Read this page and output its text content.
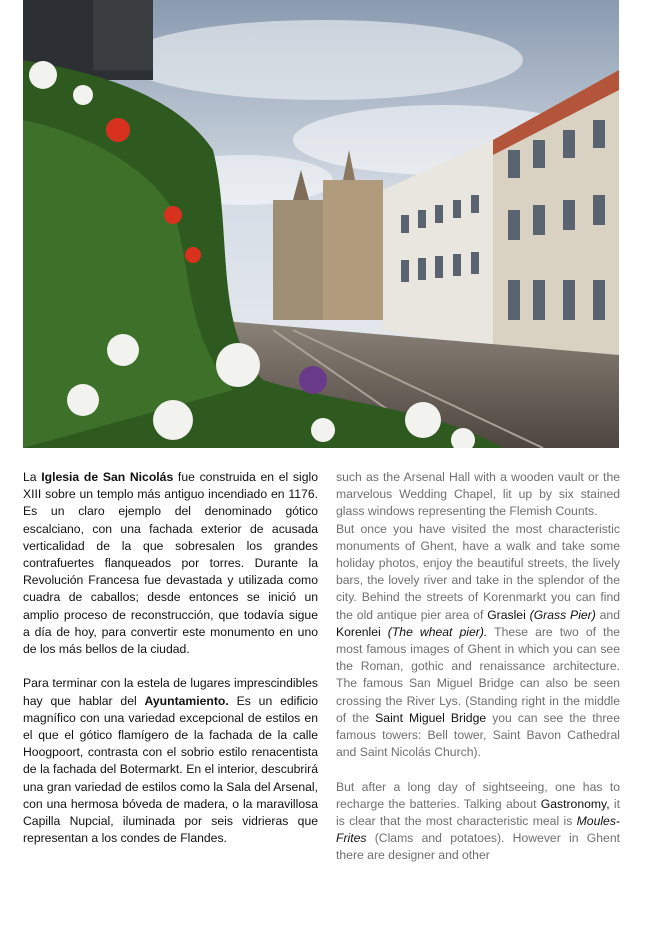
La Iglesia de San Nicolás fue construida en el siglo XIII sobre un templo más antiguo incendiado en 1176. Es un claro ejemplo del denominado gótico escalciano, con una fachada exterior de acusada verticalidad de la que sobresalen los grandes contrafuertes flanqueados por torres. Durante la Revolución Francesa fue devastada y utilizada como cuadra de caballos; desde entonces se inició un amplio proceso de reconstrucción, que todavía sigue a día de hoy, para convertir este monumento en uno de los más bellos de la ciudad.

Para terminar con la estela de lugares imprescindibles hay que hablar del Ayuntamiento. Es un edificio magnífico con una variedad excepcional de estilos en el que el gótico flamígero de la fachada de la calle Hoogpoort, contrasta con el sobrio estilo renacentista de la fachada del Botermarkt. En el interior, descubrirá una gran variedad de estilos como la Sala del Arsenal, con una hermosa bóveda de madera, o la maravillosa Capilla Nupcial, iluminada por seis vidrieras que representan a los condes de Flandes.

such as the Arsenal Hall with a wooden vault or the marvelous Wedding Chapel, lit up by six stained glass windows representing the Flemish Counts.

But once you have visited the most characteristic monuments of Ghent, have a walk and take some holiday photos, enjoy the beautiful streets, the lively bars, the lovely river and take in the splendor of the city. Behind the streets of Korenmarkt you can find the old antique pier area of Graslei (Grass Pier) and Korenlei (The wheat pier). These are two of the most famous images of Ghent in which you can see the Roman, gothic and renaissance architecture. The famous San Miguel Bridge can also be seen crossing the River Lys. (Standing right in the middle of the Saint Miguel Bridge you can see the three famous towers: Bell tower, Saint Bavon Cathedral and Saint Nicolás Church).

But after a long day of sightseeing, one has to recharge the batteries. Talking about Gastronomy, it is clear that the most characteristic meal is Moules-Frites (Clams and potatoes). However in Ghent there are designer and other
